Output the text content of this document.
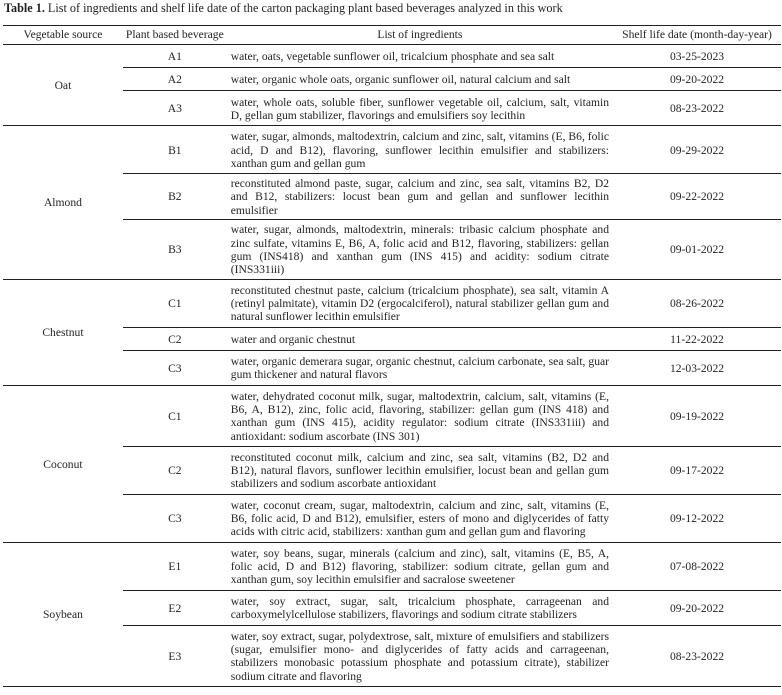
Table 1. List of ingredients and shelf life date of the carton packaging plant based beverages analyzed in this work
Vegetable source	Plant based beverage	List of ingredients	Shelf life date (month-day-year)
Oat	A1	water, oats, vegetable sunflower oil, tricalcium phosphate and sea salt	03-25-2023
	A2	water, organic whole oats, organic sunflower oil, natural calcium and salt	09-20-2022
	A3	water, whole oats, soluble fiber, sunflower vegetable oil, calcium, salt, vitamin D, gellan gum stabilizer, flavorings and emulsifiers soy lecithin	08-23-2022
Almond	B1	water, sugar, almonds, maltodextrin, calcium and zinc, salt, vitamins (E, B6, folic acid, D and B12), flavoring, sunflower lecithin emulsifier and stabilizers: xanthan gum and gellan gum	09-29-2022
	B2	reconstituted almond paste, sugar, calcium and zinc, sea salt, vitamins B2, D2 and B12, stabilizers: locust bean gum and gellan and sunflower lecithin emulsifier	09-22-2022
	B3	water, sugar, almonds, maltodextrin, minerals: tribasic calcium phosphate and zinc sulfate, vitamins E, B6, A, folic acid and B12, flavoring, stabilizers: gellan gum (INS418) and xanthan gum (INS 415) and acidity: sodium citrate (INS331iii)	09-01-2022
Chestnut	C1	reconstituted chestnut paste, calcium (tricalcium phosphate), sea salt, vitamin A (retinyl palmitate), vitamin D2 (ergocalciferol), natural stabilizer gellan gum and natural sunflower lecithin emulsifier	08-26-2022
	C2	water and organic chestnut	11-22-2022
	C3	water, organic demerara sugar, organic chestnut, calcium carbonate, sea salt, guar gum thickener and natural flavors	12-03-2022
Coconut	C1	water, dehydrated coconut milk, sugar, maltodextrin, calcium, salt, vitamins (E, B6, A, B12), zinc, folic acid, flavoring, stabilizer: gellan gum (INS 418) and xanthan gum (INS 415), acidity regulator: sodium citrate (INS331iii) and antioxidant: sodium ascorbate (INS 301)	09-19-2022
	C2	reconstituted coconut milk, calcium and zinc, sea salt, vitamins (B2, D2 and B12), natural flavors, sunflower lecithin emulsifier, locust bean and gellan gum stabilizers and sodium ascorbate antioxidant	09-17-2022
	C3	water, coconut cream, sugar, maltodextrin, calcium and zinc, salt, vitamins (E, B6, folic acid, D and B12), emulsifier, esters of mono and diglycerides of fatty acids with citric acid, stabilizers: xanthan gum and gellan gum and flavoring	09-12-2022
Soybean	E1	water, soy beans, sugar, minerals (calcium and zinc), salt, vitamins (E, B5, A, folic acid, D and B12) flavoring, stabilizer: sodium citrate, gellan gum and xanthan gum, soy lecithin emulsifier and sacralose sweetener	07-08-2022
	E2	water, soy extract, sugar, salt, tricalcium phosphate, carrageenan and carboxymelylcellulose stabilizers, flavorings and sodium citrate stabilizers	09-20-2022
	E3	water, soy extract, sugar, polydextrose, salt, mixture of emulsifiers and stabilizers (sugar, emulsifier mono- and diglycerides of fatty acids and carrageenan, stabilizers monobasic potassium phosphate and potassium citrate), stabilizer sodium citrate and flavoring	08-23-2022
